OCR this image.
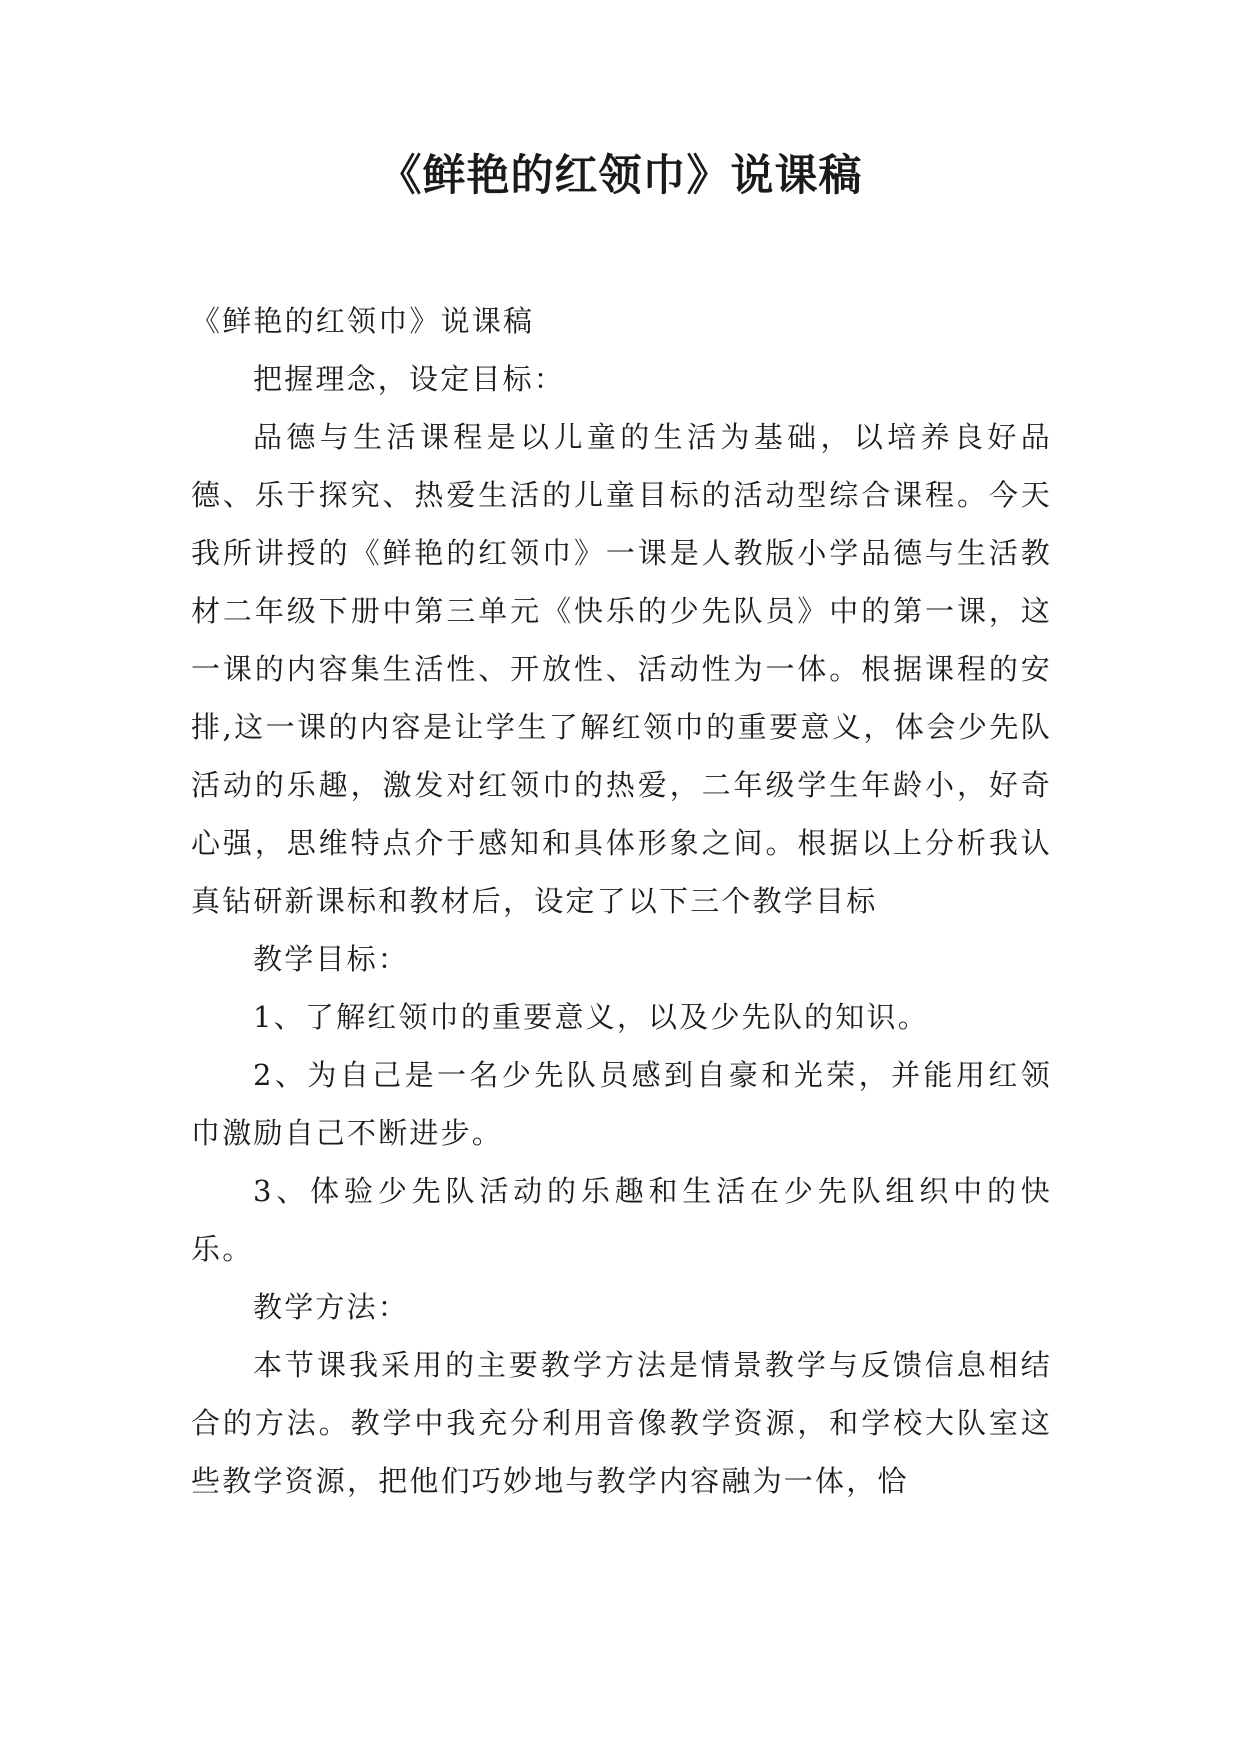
《鲜艳的红领巾》说课稿

《鲜艳的红领巾》说课稿

把握理念，设定目标：

品德与生活课程是以儿童的生活为基础，以培养良好品德、乐于探究、热爱生活的儿童目标的活动型综合课程。今天我所讲授的《鲜艳的红领巾》一课是人教版小学品德与生活教材二年级下册中第三单元《快乐的少先队员》中的第一课，这一课的内容集生活性、开放性、活动性为一体。根据课程的安排,这一课的内容是让学生了解红领巾的重要意义，体会少先队活动的乐趣，激发对红领巾的热爱，二年级学生年龄小，好奇心强，思维特点介于感知和具体形象之间。根据以上分析我认真钻研新课标和教材后，设定了以下三个教学目标

教学目标：

1、了解红领巾的重要意义，以及少先队的知识。

2、为自己是一名少先队员感到自豪和光荣，并能用红领巾激励自己不断进步。

3、体验少先队活动的乐趣和生活在少先队组织中的快乐。

教学方法：

本节课我采用的主要教学方法是情景教学与反馈信息相结合的方法。教学中我充分利用音像教学资源，和学校大队室这些教学资源，把他们巧妙地与教学内容融为一体，恰
